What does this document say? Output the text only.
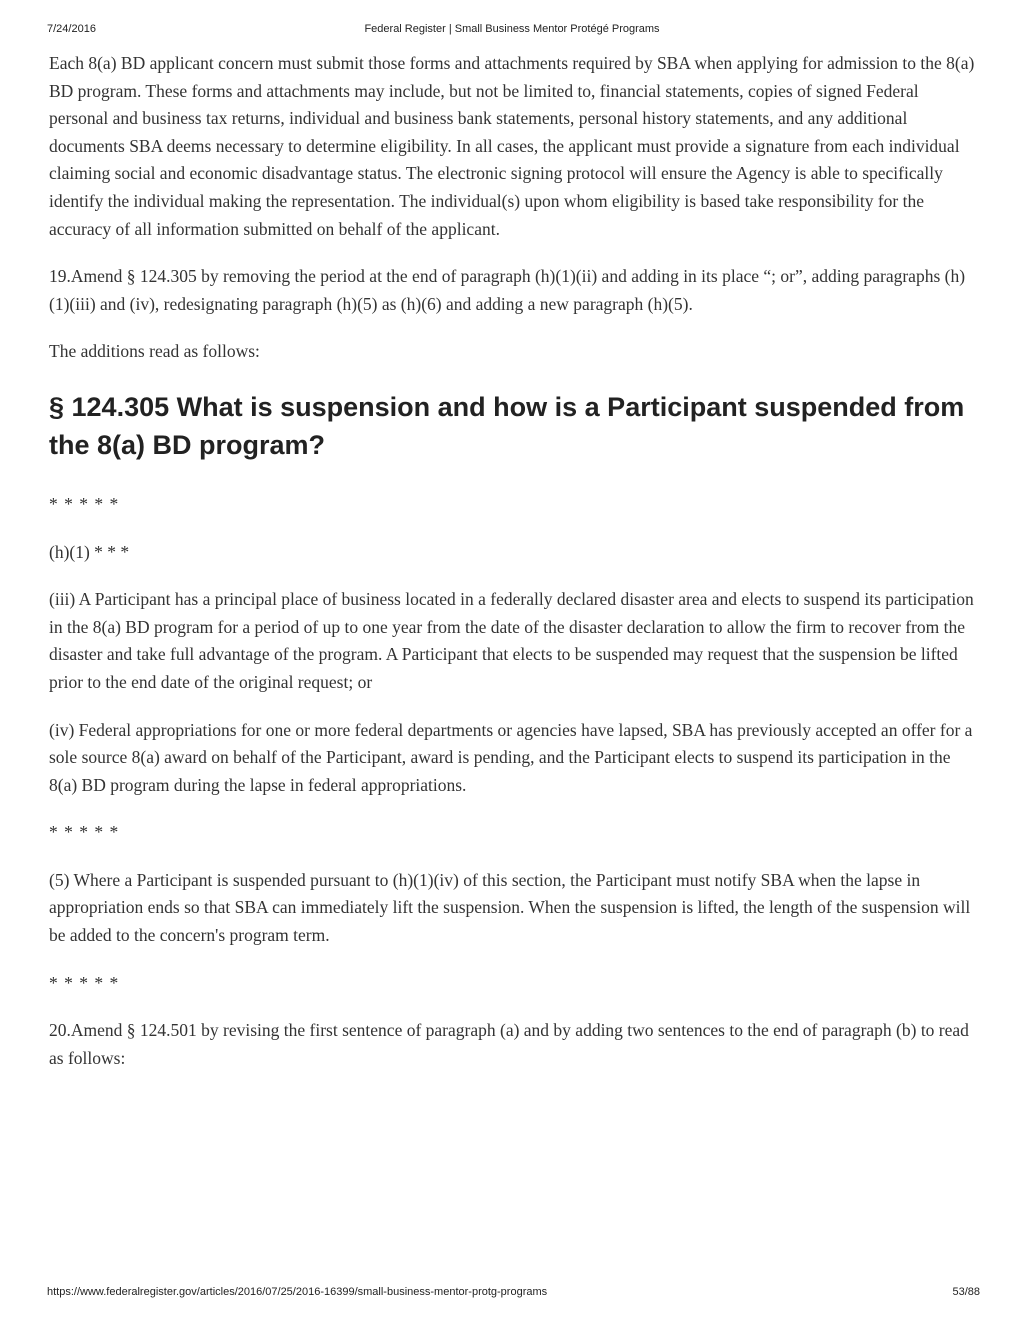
7/24/2016	Federal Register | Small Business Mentor Protégé Programs

Each 8(a) BD applicant concern must submit those forms and attachments required by SBA when applying for admission to the 8(a) BD program. These forms and attachments may include, but not be limited to, financial statements, copies of signed Federal personal and business tax returns, individual and business bank statements, personal history statements, and any additional documents SBA deems necessary to determine eligibility. In all cases, the applicant must provide a signature from each individual claiming social and economic disadvantage status. The electronic signing protocol will ensure the Agency is able to specifically identify the individual making the representation. The individual(s) upon whom eligibility is based take responsibility for the accuracy of all information submitted on behalf of the applicant.

19.Amend § 124.305 by removing the period at the end of paragraph (h)(1)(ii) and adding in its place “; or”, adding paragraphs (h)(1)(iii) and (iv), redesignating paragraph (h)(5) as (h)(6) and adding a new paragraph (h)(5).

The additions read as follows:

§ 124.305 What is suspension and how is a Participant suspended from the 8(a) BD program?

* * * * *

(h)(1) * * *

(iii) A Participant has a principal place of business located in a federally declared disaster area and elects to suspend its participation in the 8(a) BD program for a period of up to one year from the date of the disaster declaration to allow the firm to recover from the disaster and take full advantage of the program. A Participant that elects to be suspended may request that the suspension be lifted prior to the end date of the original request; or

(iv) Federal appropriations for one or more federal departments or agencies have lapsed, SBA has previously accepted an offer for a sole source 8(a) award on behalf of the Participant, award is pending, and the Participant elects to suspend its participation in the 8(a) BD program during the lapse in federal appropriations.

* * * * *

(5) Where a Participant is suspended pursuant to (h)(1)(iv) of this section, the Participant must notify SBA when the lapse in appropriation ends so that SBA can immediately lift the suspension. When the suspension is lifted, the length of the suspension will be added to the concern's program term.

* * * * *

20.Amend § 124.501 by revising the first sentence of paragraph (a) and by adding two sentences to the end of paragraph (b) to read as follows:

https://www.federalregister.gov/articles/2016/07/25/2016-16399/small-business-mentor-protg-programs	53/88
